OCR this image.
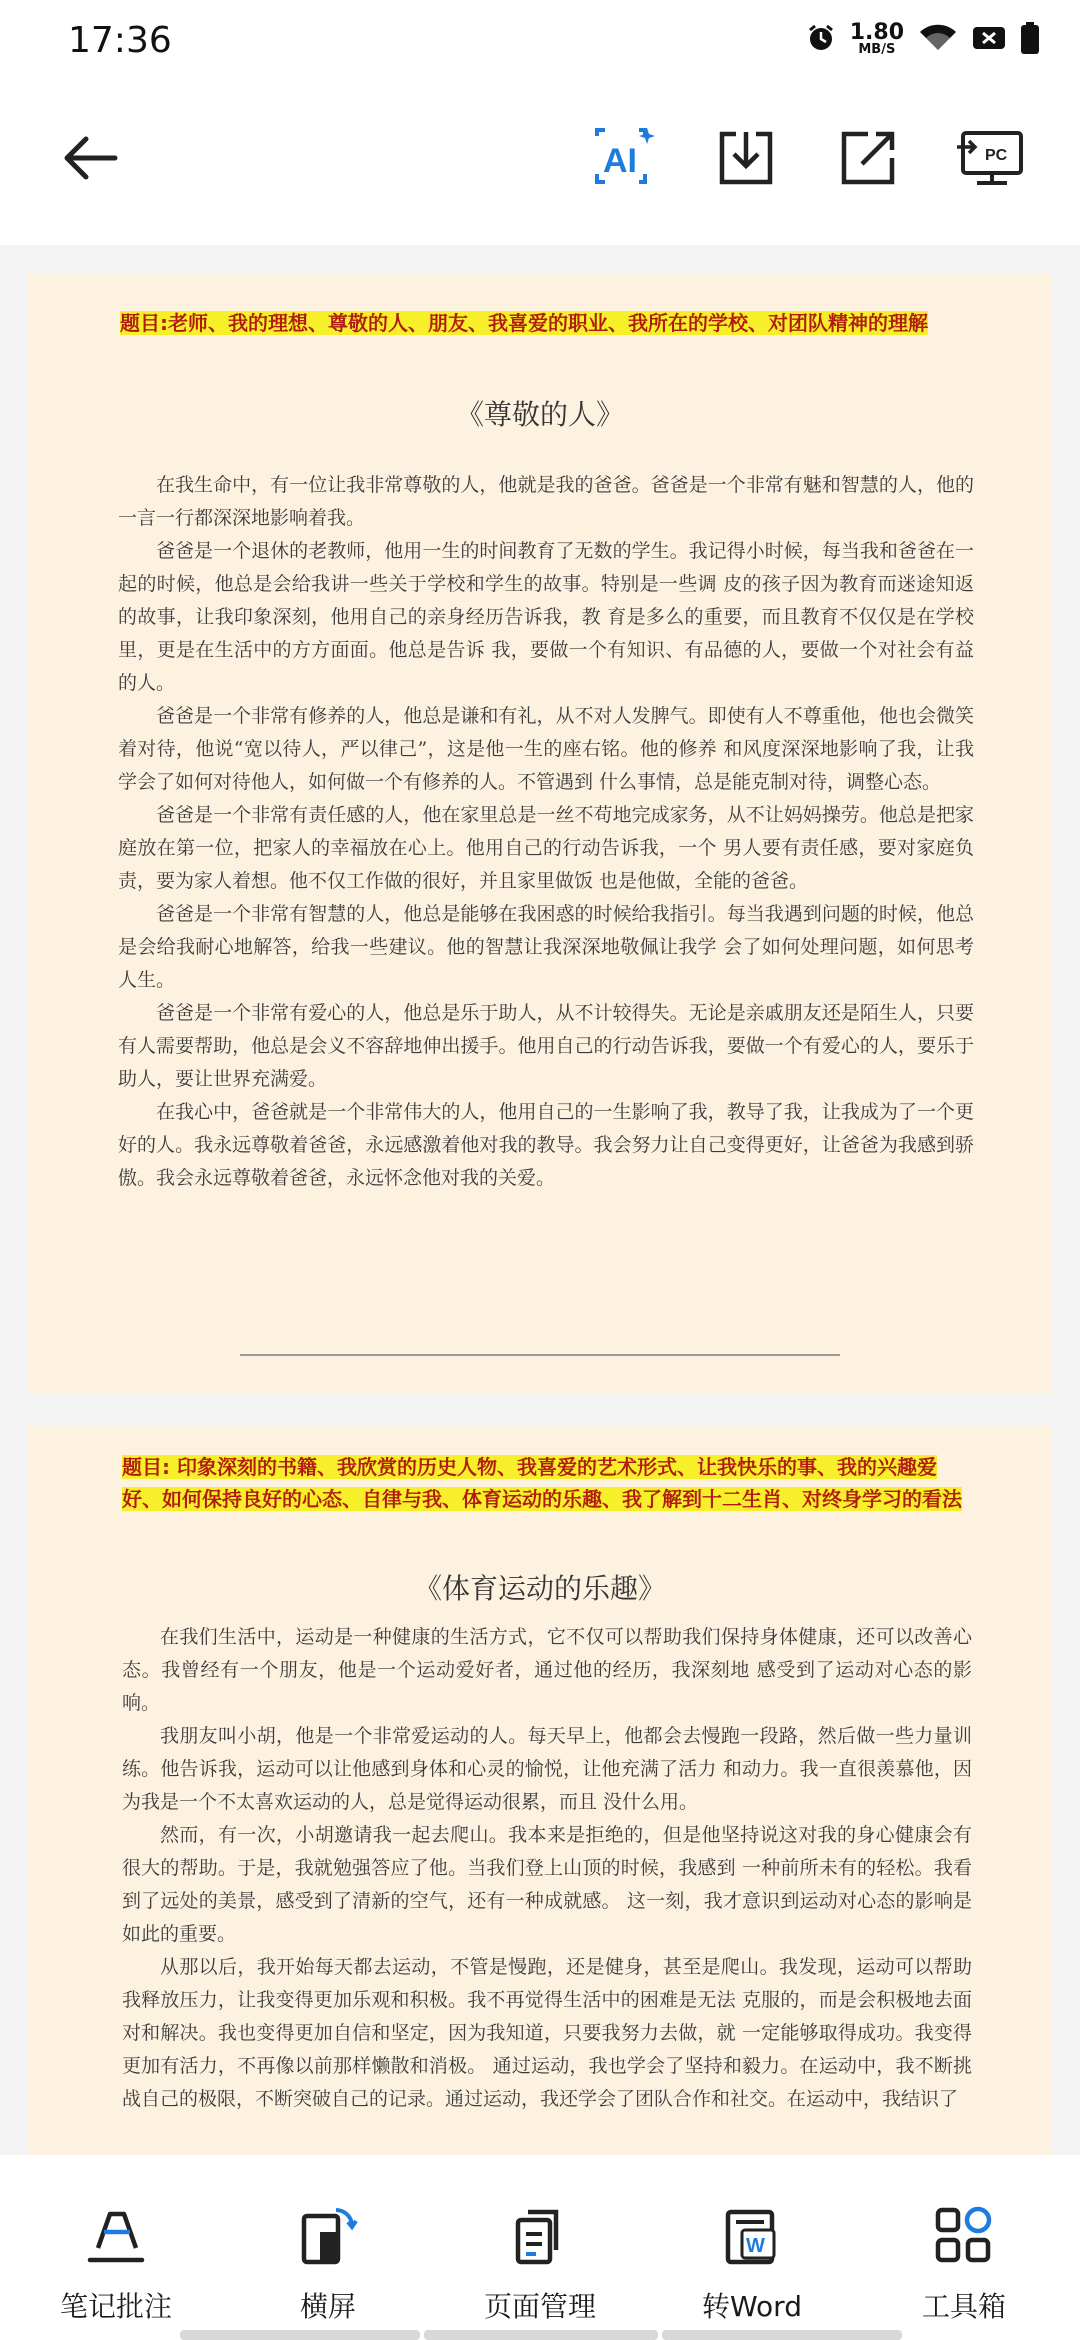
17:36	1.80
MB/S
AI	PC
题目:老师、我的理想、尊敬的人、朋友、我喜爱的职业、我所在的学校、对团队精神的理解
《尊敬的人》

在我生命中，有一位让我非常尊敬的人，他就是我的爸爸。爸爸是一个非常有魅和智慧的人，他的一言一行都深深地影响着我。

爸爸是一个退休的老教师，他用一生的时间教育了无数的学生。我记得小时候，每当我和爸爸在一起的时候，他总是会给我讲一些关于学校和学生的故事。特别是一些调 皮的孩子因为教育而迷途知返的故事，让我印象深刻，他用自己的亲身经历告诉我，教 育是多么的重要，而且教育不仅仅是在学校里，更是在生活中的方方面面。他总是告诉 我，要做一个有知识、有品德的人，要做一个对社会有益的人。

爸爸是一个非常有修养的人，他总是谦和有礼，从不对人发脾气。即使有人不尊重他，他也会微笑着对待，他说“宽以待人，严以律己”，这是他一生的座右铭。他的修养 和风度深深地影响了我，让我学会了如何对待他人，如何做一个有修养的人。不管遇到 什么事情，总是能克制对待，调整心态。

爸爸是一个非常有责任感的人，他在家里总是一丝不苟地完成家务，从不让妈妈操劳。他总是把家庭放在第一位，把家人的幸福放在心上。他用自己的行动告诉我，一个 男人要有责任感，要对家庭负责，要为家人着想。他不仅工作做的很好，并且家里做饭 也是他做，全能的爸爸。

爸爸是一个非常有智慧的人，他总是能够在我困惑的时候给我指引。每当我遇到问题的时候，他总是会给我耐心地解答，给我一些建议。他的智慧让我深深地敬佩让我学 会了如何处理问题，如何思考人生。

爸爸是一个非常有爱心的人，他总是乐于助人，从不计较得失。无论是亲戚朋友还是陌生人，只要有人需要帮助，他总是会义不容辞地伸出援手。他用自己的行动告诉我，要做一个有爱心的人，要乐于助人，要让世界充满爱。

在我心中，爸爸就是一个非常伟大的人，他用自己的一生影响了我，教导了我，让我成为了一个更好的人。我永远尊敬着爸爸，永远感激着他对我的教导。我会努力让自己变得更好，让爸爸为我感到骄傲。我会永远尊敬着爸爸，永远怀念他对我的关爱。

题目: 印象深刻的书籍、我欣赏的历史人物、我喜爱的艺术形式、让我快乐的事、我的兴趣爱好、如何保持良好的心态、自律与我、体育运动的乐趣、我了解到十二生肖、对终身学习的看法
《体育运动的乐趣》

在我们生活中，运动是一种健康的生活方式，它不仅可以帮助我们保持身体健康，还可以改善心态。我曾经有一个朋友，他是一个运动爱好者，通过他的经历，我深刻地 感受到了运动对心态的影响。

我朋友叫小胡，他是一个非常爱运动的人。每天早上，他都会去慢跑一段路，然后做一些力量训练。他告诉我，运动可以让他感到身体和心灵的愉悦，让他充满了活力 和动力。我一直很羡慕他，因为我是一个不太喜欢运动的人，总是觉得运动很累，而且 没什么用。

然而，有一次，小胡邀请我一起去爬山。我本来是拒绝的，但是他坚持说这对我的身心健康会有很大的帮助。于是，我就勉强答应了他。当我们登上山顶的时候，我感到 一种前所未有的轻松。我看到了远处的美景，感受到了清新的空气，还有一种成就感。 这一刻，我才意识到运动对心态的影响是如此的重要。

从那以后，我开始每天都去运动，不管是慢跑，还是健身，甚至是爬山。我发现，运动可以帮助我释放压力，让我变得更加乐观和积极。我不再觉得生活中的困难是无法 克服的，而是会积极地去面对和解决。我也变得更加自信和坚定，因为我知道，只要我努力去做，就 一定能够取得成功。我变得更加有活力，不再像以前那样懒散和消极。 通过运动，我也学会了坚持和毅力。在运动中，我不断挑战自己的极限，不断突破自己的记录。通过运动，我还学会了团队合作和社交。在运动中，我结识了

笔记批注	横屏	页面管理
W
转Word	工具箱
